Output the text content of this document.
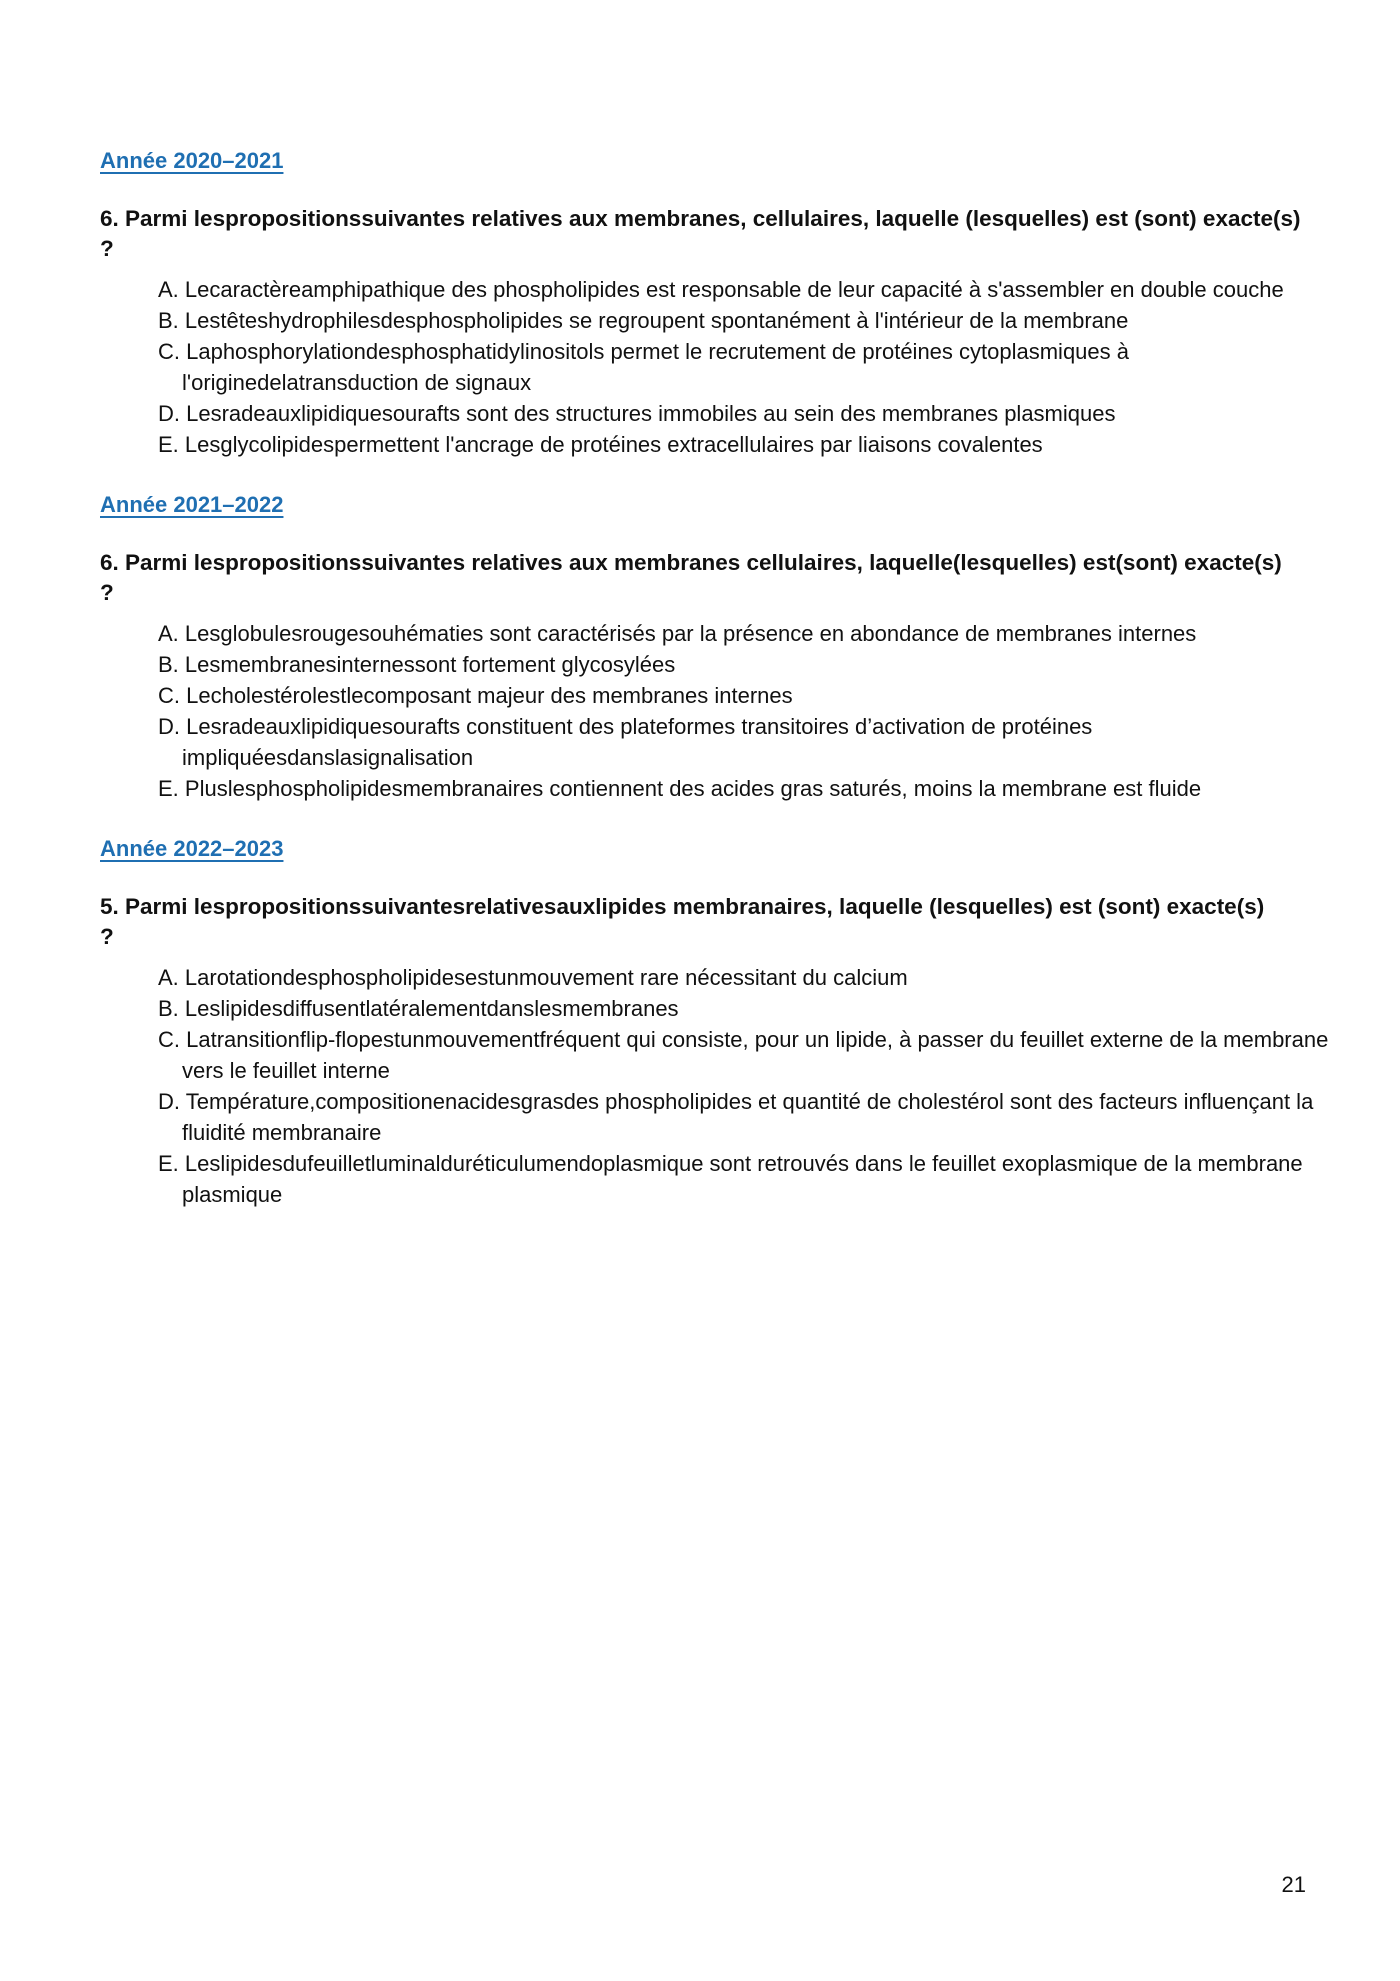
Année 2020–2021
6. Parmi lespropositionssuivantes relatives aux membranes, cellulaires, laquelle (lesquelles) est (sont) exacte(s)
?
A. Lecaractèreamphipathique des phospholipides est responsable de leur capacité à s'assembler en double couche
B. Lestêteshydrophilesdesphospholipides se regroupent spontanément à l'intérieur de la membrane
C. Laphosphorylationdesphosphatidylinositols permet le recrutement de protéines cytoplasmiques à l'originedelatransduction de signaux
D. Lesradeauxlipidiquesourafts sont des structures immobiles au sein des membranes plasmiques
E. Lesglycolipidespermettent l'ancrage de protéines extracellulaires par liaisons covalentes
Année 2021–2022
6. Parmi lespropositionssuivantes relatives aux membranes cellulaires, laquelle(lesquelles) est(sont) exacte(s)
?
A. Lesglobulesrougesouhématies sont caractérisés par la présence en abondance de membranes internes
B. Lesmembranesinternessont fortement glycosylées
C. Lecholestérolestlecomposant majeur des membranes internes
D. Lesradeauxlipidiquesourafts constituent des plateformes transitoires d’activation de protéines impliquéesdanslasignalisation
E. Pluslesphospholipidesmembranaires contiennent des acides gras saturés, moins la membrane est fluide
Année 2022–2023
5. Parmi lespropositionssuivantesrelativesauxlipides membranaires, laquelle (lesquelles) est (sont) exacte(s)
?
A. Larotationdesphospholipidesestunmouvement rare nécessitant du calcium
B. Leslipidesdiffusentlatéralementdanslesmembranes
C. Latransitionflip-flopestunmouvementfréquent qui consiste, pour un lipide, à passer du feuillet externe de la membrane vers le feuillet interne
D. Température,compositionenacidesgrasdes phospholipides et quantité de cholestérol sont des facteurs influençant la fluidité membranaire
E. Leslipidesdufeuilletluminalduréticulumendoplasmique sont retrouvés dans le feuillet exoplasmique de la membrane plasmique
21
